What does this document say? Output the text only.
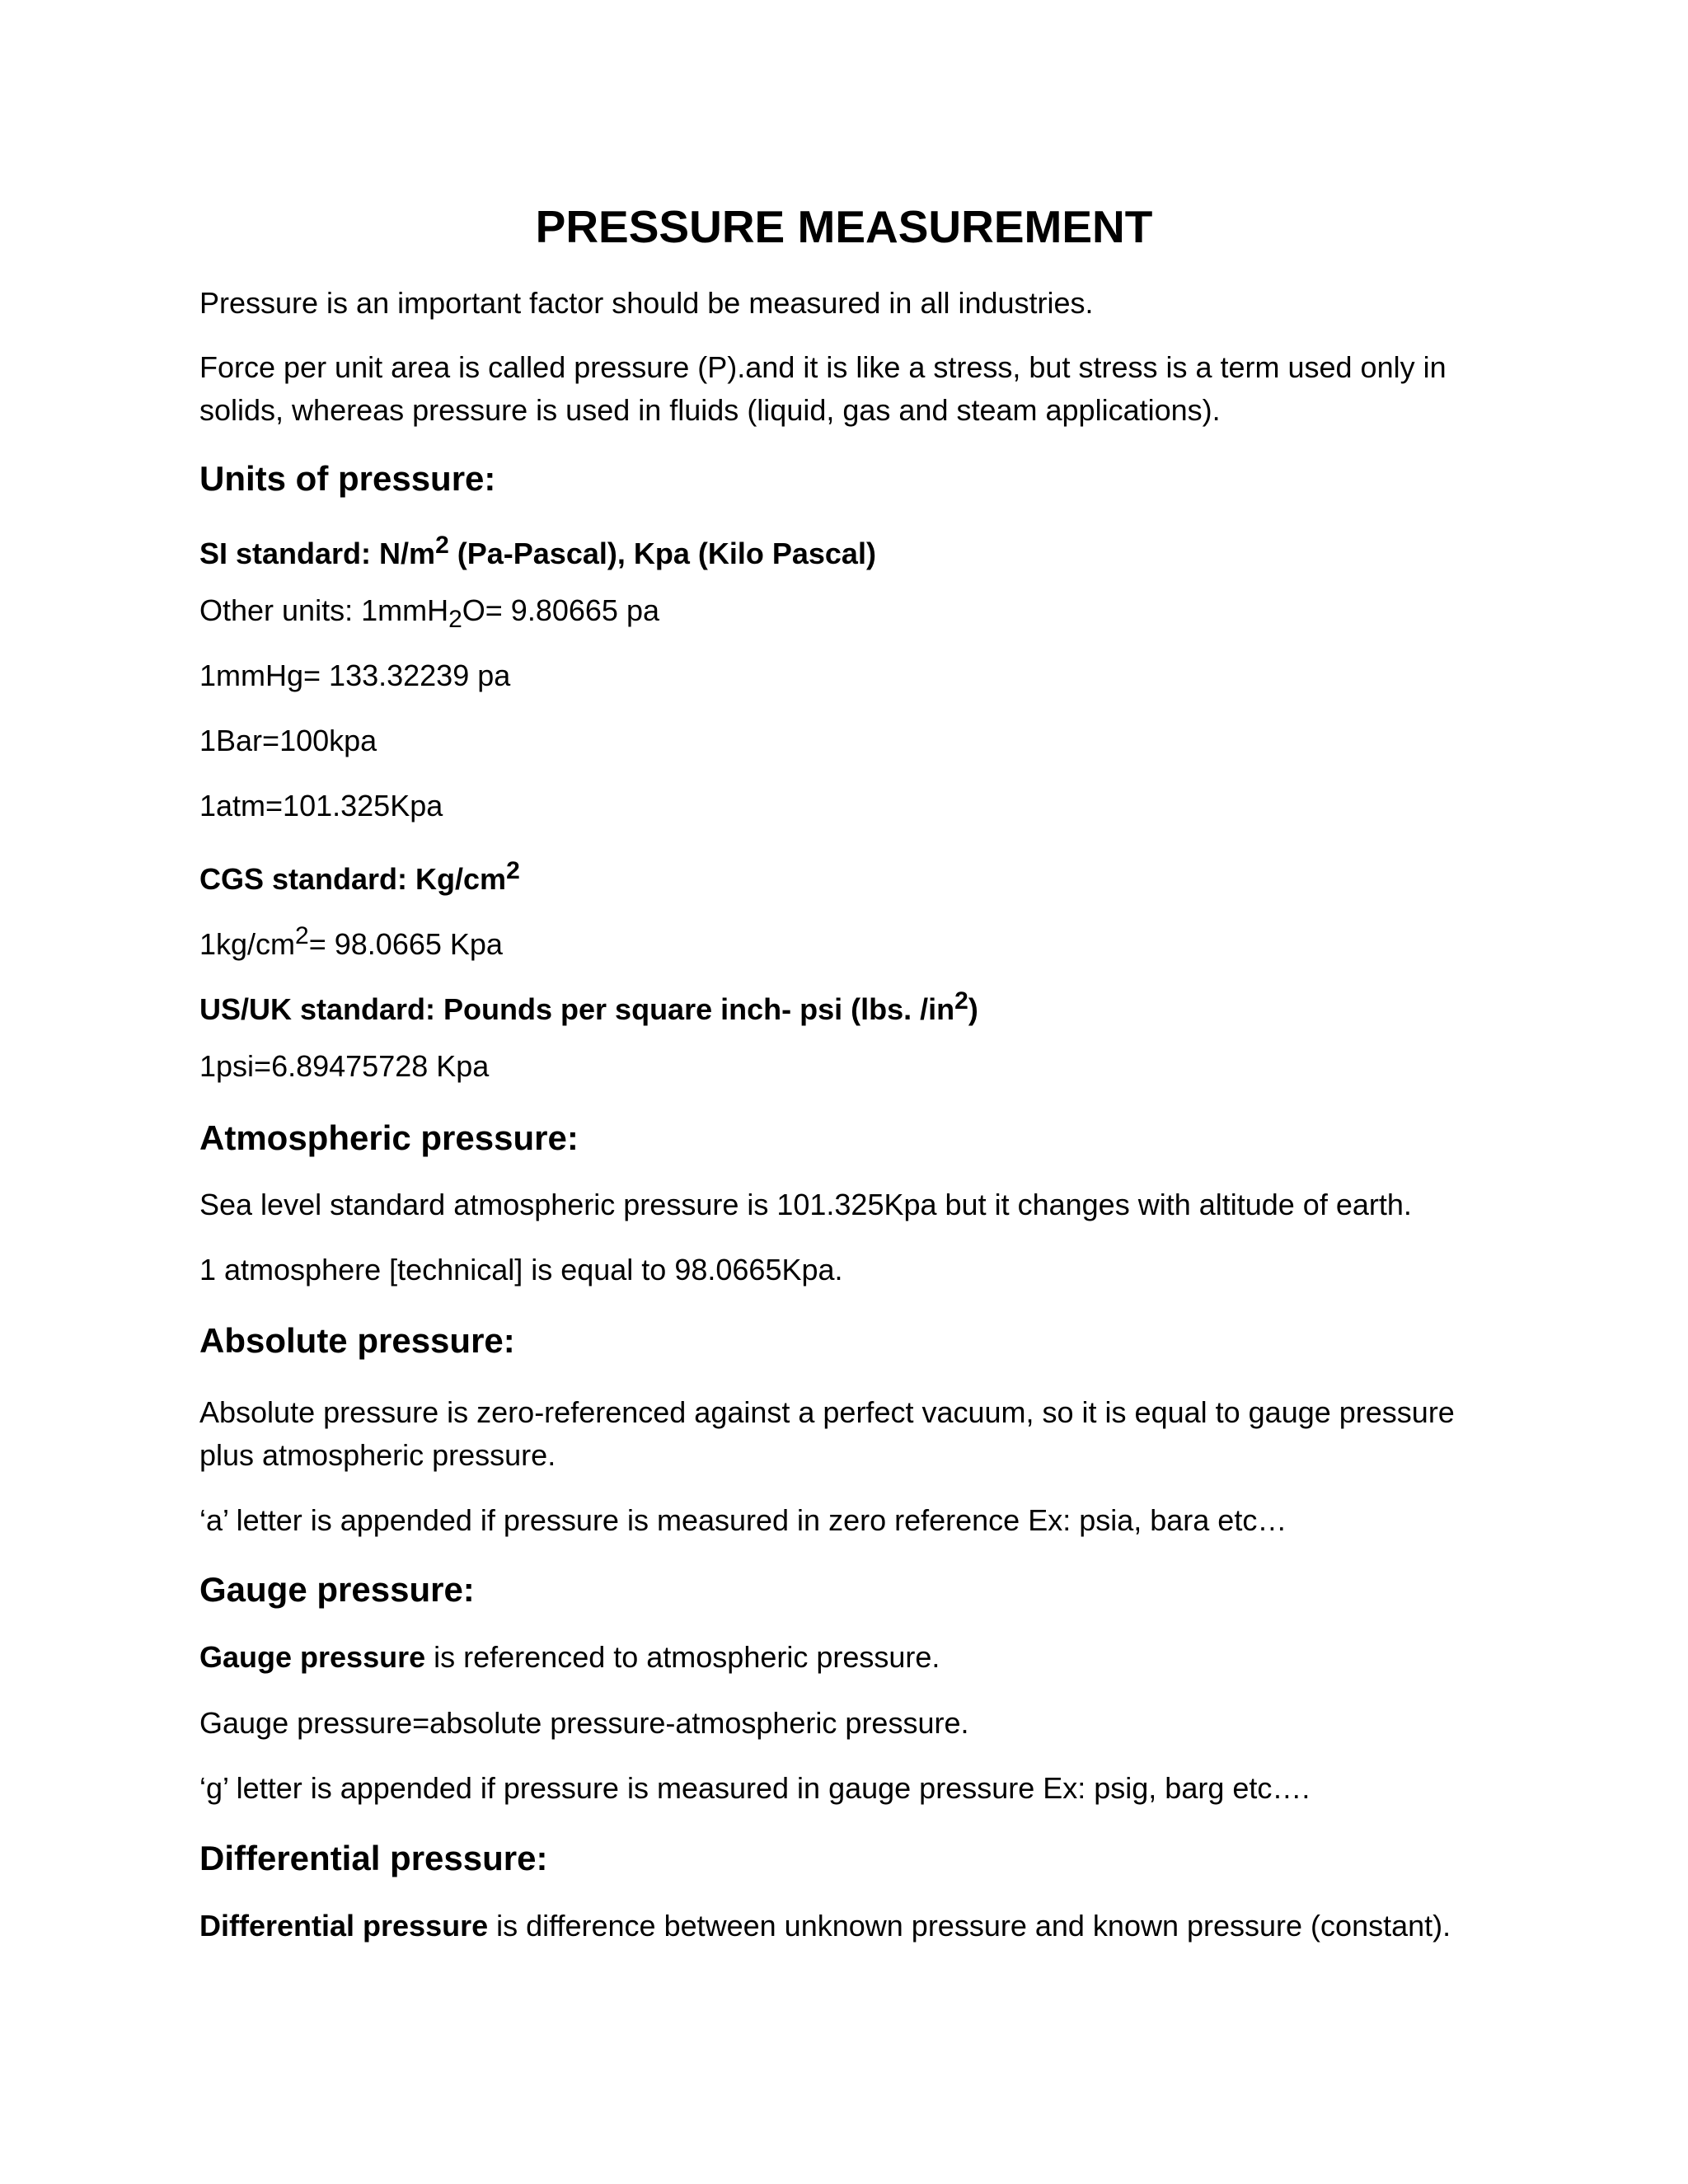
PRESSURE MEASUREMENT
Pressure is an important factor should be measured in all industries.
Force per unit area is called pressure (P).and it is like a stress, but stress is a term used only in
solids, whereas pressure is used in fluids (liquid, gas and steam applications).
Units of pressure:
SI standard: $N/m^2$ (Pa-Pascal), Kpa (Kilo Pascal)
Other units: 1mmH$_2$O= 9.80665 pa
1mmHg= 133.32239 pa
1Bar=100kpa
1atm=101.325Kpa
CGS standard: $Kg/cm^2$
$1kg/cm^2= 98.0665$ Kpa
US/UK standard: Pounds per square inch- psi (lbs. $/in^2$)
1psi=6.89475728 Kpa
Atmospheric pressure:
Sea level standard atmospheric pressure is 101.325Kpa but it changes with altitude of earth.
1 atmosphere [technical] is equal to 98.0665Kpa.
Absolute pressure:
Absolute pressure is zero-referenced against a perfect vacuum, so it is equal to gauge pressure
plus atmospheric pressure.
‘a’ letter is appended if pressure is measured in zero reference Ex: psia, bara etc…
Gauge pressure:
Gauge pressure is referenced to atmospheric pressure.
Gauge pressure=absolute pressure-atmospheric pressure.
‘g’ letter is appended if pressure is measured in gauge pressure Ex: psig, barg etc….
Differential pressure:
Differential pressure is difference between unknown pressure and known pressure (constant).
